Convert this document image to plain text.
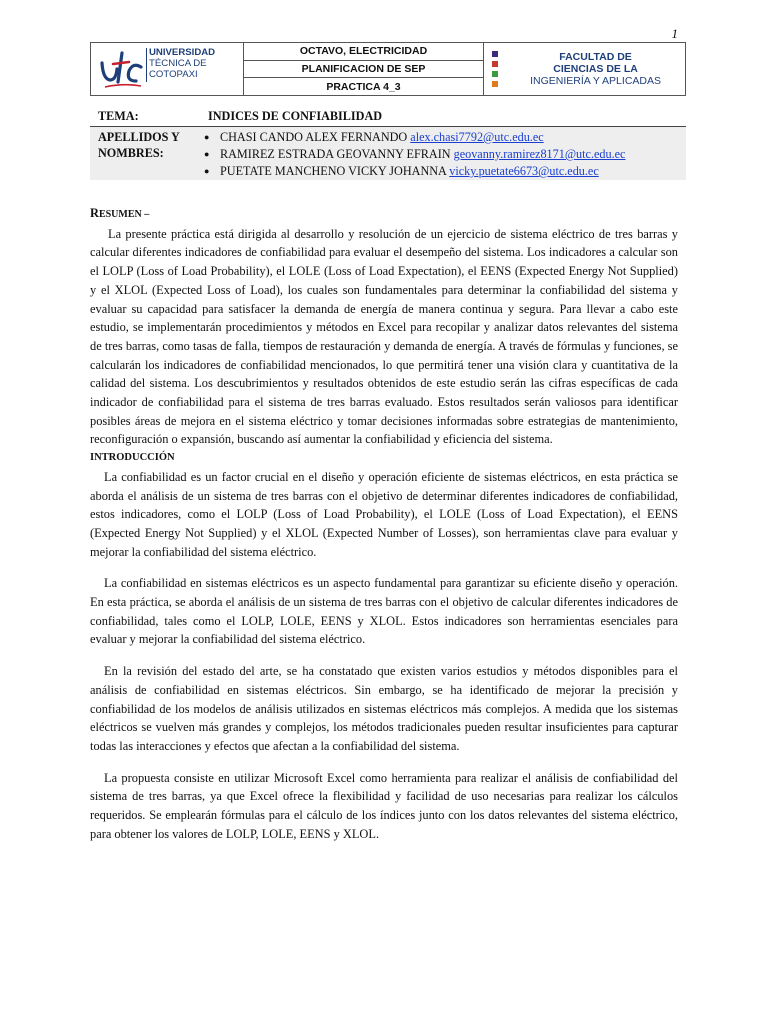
1
UNIVERSIDAD
TÉCNICA DE
COTOPAXI
OCTAVO, ELECTRICIDAD
PLANIFICACION DE SEP
PRACTICA 4_3
FACULTAD DE
CIENCIAS DE LA
INGENIERÍA Y APLICADAS
TEMA:	INDICES DE CONFIABILIDAD
APELLIDOS Y
NOMBRES:
● CHASI CANDO ALEX FERNANDO alex.chasi7792@utc.edu.ec
● RAMIREZ ESTRADA GEOVANNY EFRAIN geovanny.ramirez8171@utc.edu.ec
● PUETATE MANCHENO VICKY JOHANNA vicky.puetate6673@utc.edu.ec

RESUMEN –

La presente práctica está dirigida al desarrollo y resolución de un ejercicio de sistema eléctrico de tres barras y calcular diferentes indicadores de confiabilidad para evaluar el desempeño del sistema. Los indicadores a calcular son el LOLP (Loss of Load Probability), el LOLE (Loss of Load Expectation), el EENS (Expected Energy Not Supplied) y el XLOL (Expected Loss of Load), los cuales son fundamentales para determinar la confiabilidad del sistema y evaluar su capacidad para satisfacer la demanda de energía de manera continua y segura. Para llevar a cabo este estudio, se implementarán procedimientos y métodos en Excel para recopilar y analizar datos relevantes del sistema de tres barras, como tasas de falla, tiempos de restauración y demanda de energía. A través de fórmulas y funciones, se calcularán los indicadores de confiabilidad mencionados, lo que permitirá tener una visión clara y cuantitativa de la calidad del sistema. Los descubrimientos y resultados obtenidos de este estudio serán las cifras específicas de cada indicador de confiabilidad para el sistema de tres barras evaluado. Estos resultados serán valiosos para identificar posibles áreas de mejora en el sistema eléctrico y tomar decisiones informadas sobre estrategias de mantenimiento, reconfiguración o expansión, buscando así aumentar la confiabilidad y eficiencia del sistema.

INTRODUCCIÓN

La confiabilidad es un factor crucial en el diseño y operación eficiente de sistemas eléctricos, en esta práctica se aborda el análisis de un sistema de tres barras con el objetivo de determinar diferentes indicadores de confiabilidad, estos indicadores, como el LOLP (Loss of Load Probability), el LOLE (Loss of Load Expectation), el EENS (Expected Energy Not Supplied) y el XLOL (Expected Number of Losses), son herramientas clave para evaluar y mejorar la confiabilidad del sistema eléctrico.

La confiabilidad en sistemas eléctricos es un aspecto fundamental para garantizar su eficiente diseño y operación. En esta práctica, se aborda el análisis de un sistema de tres barras con el objetivo de calcular diferentes indicadores de confiabilidad, tales como el LOLP, LOLE, EENS y XLOL. Estos indicadores son herramientas esenciales para evaluar y mejorar la confiabilidad del sistema eléctrico.

En la revisión del estado del arte, se ha constatado que existen varios estudios y métodos disponibles para el análisis de confiabilidad en sistemas eléctricos. Sin embargo, se ha identificado de mejorar la precisión y confiabilidad de los modelos de análisis utilizados en sistemas eléctricos más complejos. A medida que los sistemas eléctricos se vuelven más grandes y complejos, los métodos tradicionales pueden resultar insuficientes para capturar todas las interacciones y efectos que afectan a la confiabilidad del sistema.

La propuesta consiste en utilizar Microsoft Excel como herramienta para realizar el análisis de confiabilidad del sistema de tres barras, ya que Excel ofrece la flexibilidad y facilidad de uso necesarias para realizar los cálculos requeridos. Se emplearán fórmulas para el cálculo de los índices junto con los datos relevantes del sistema eléctrico, para obtener los valores de LOLP, LOLE, EENS y XLOL.
